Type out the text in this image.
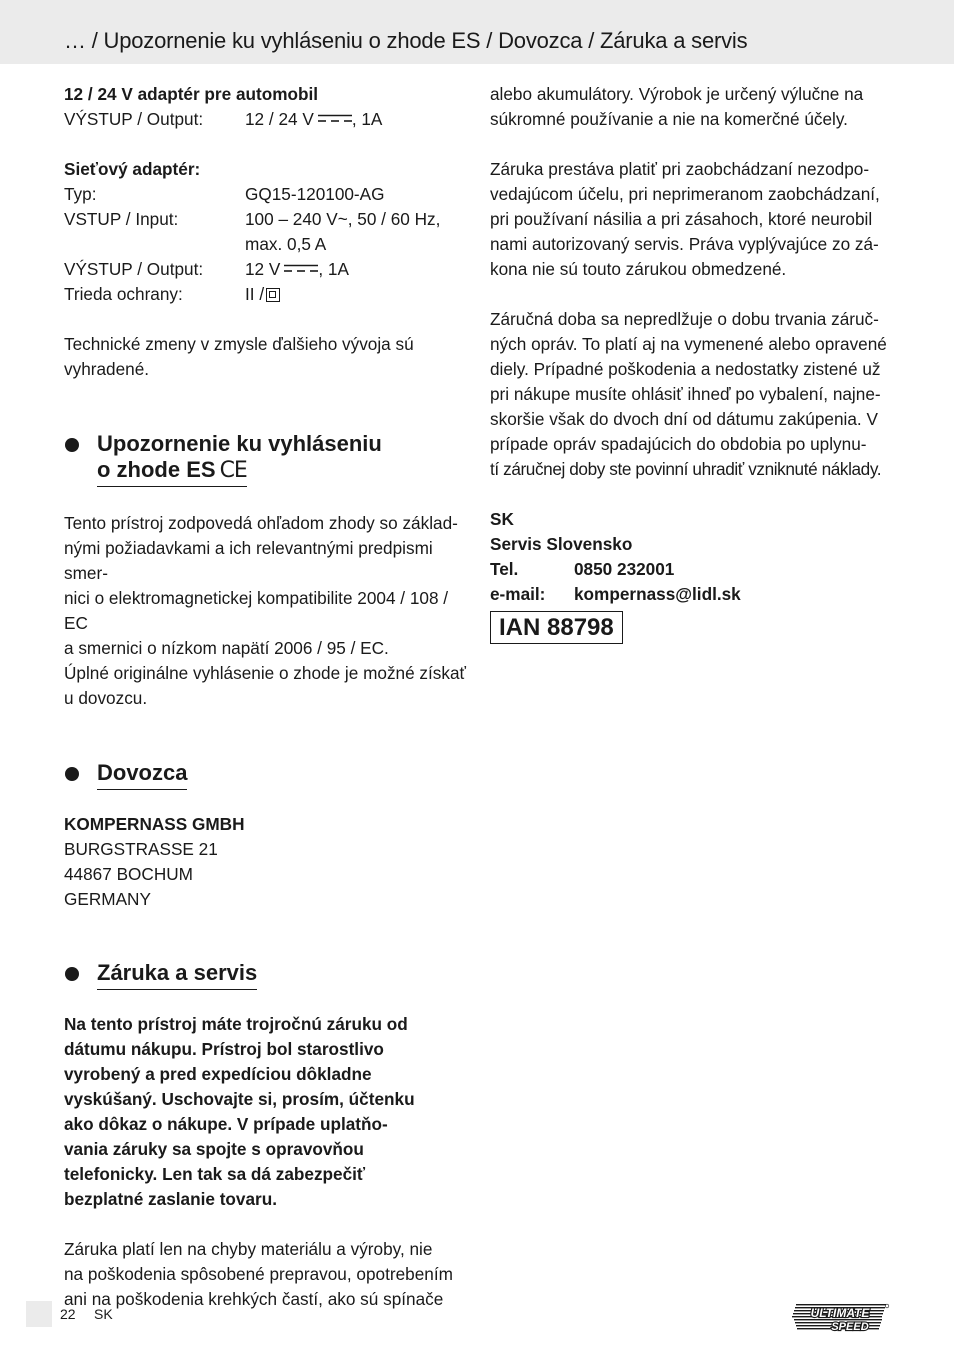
… / Upozornenie ku vyhláseniu o zhode ES / Dovozca / Záruka a servis

12 / 24 V adaptér pre automobil

VÝSTUP / Output:	12 / 24 V , 1A

Sieťový adaptér:

Typ:	GQ15-120100-AG
VSTUP / Input:	100 – 240 V~, 50 / 60 Hz,
max. 0,5 A
VÝSTUP / Output:	12 V , 1A
Trieda ochrany:	II /

Technické zmeny v zmysle ďalšieho vývoja sú

vyhradené.

Upozornenie ku vyhláseniu
o zhode ES CE

Tento prístroj zodpovedá ohľadom zhody so základ-

nými požiadavkami a ich relevantnými predpismi smer-

nici o elektromagnetickej kompatibilite 2004 / 108 / EC

a smernici o nízkom napätí 2006 / 95 / EC.

Úplné originálne vyhlásenie o zhode je možné získať

u dovozcu.

Dovozca

KOMPERNASS GMBH

BURGSTRASSE 21

44867 BOCHUM

GERMANY

Záruka a servis

Na tento prístroj máte trojročnú záruku od

dátumu nákupu. Prístroj bol starostlivo

vyrobený a pred expedíciou dôkladne

vyskúšaný. Uschovajte si, prosím, účtenku

ako dôkaz o nákupe. V prípade uplatňo-

vania záruky sa spojte s opravovňou

telefonicky. Len tak sa dá zabezpečiť

bezplatné zaslanie tovaru.

Záruka platí len na chyby materiálu a výroby, nie

na poškodenia spôsobené prepravou, opotrebením

ani na poškodenia krehkých častí, ako sú spínače

alebo akumulátory. Výrobok je určený výlučne na

súkromné používanie a nie na komerčné účely.

Záruka prestáva platiť pri zaobchádzaní nezodpo-

vedajúcom účelu, pri neprimeranom zaobchádzaní,

pri používaní násilia a pri zásahoch, ktoré neurobil

nami autorizovaný servis. Práva vyplývajúce zo zá-

kona nie sú touto zárukou obmedzené.

Záručná doba sa nepredlžuje o dobu trvania záruč-

ných opráv. To platí aj na vymenené alebo opravené

diely. Prípadné poškodenia a nedostatky zistené už

pri nákupe musíte ohlásiť ihneď po vybalení, najne-

skoršie však do dvoch dní od dátumu zakúpenia. V

prípade opráv spadajúcich do obdobia po uplynu-

tí záručnej doby ste povinní uhradiť vzniknuté náklady.

SK

Servis Slovensko

Tel.	0850 232001
e-mail:	kompernass@lidl.sk
IAN 88798
22 SK	ULTIMATE
SPEED
